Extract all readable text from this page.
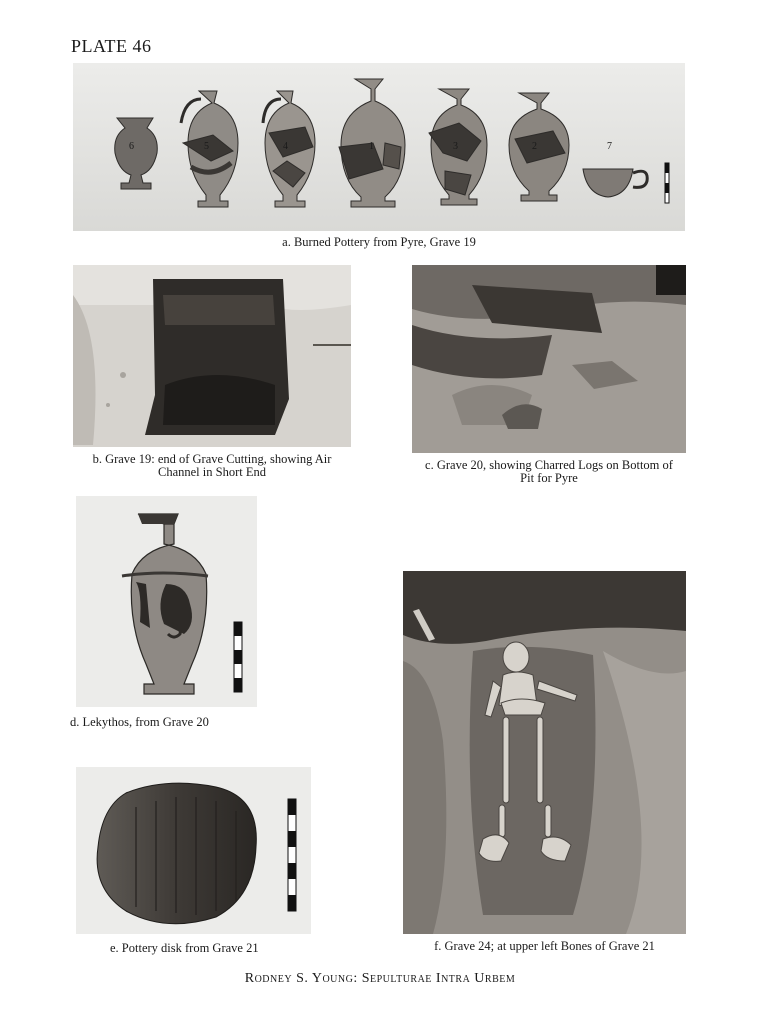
PLATE 46
6	5	4	1	3	2	7
a. Burned Pottery from Pyre, Grave 19
b. Grave 19: end of Grave Cutting, showing Air
Channel in Short End	c. Grave 20, showing Charred Logs on Bottom of
Pit for Pyre
d. Lekythos, from Grave 20
e. Pottery disk from Grave 21	f. Grave 24; at upper left Bones of Grave 21
Rodney S. Young: Sepulturae Intra Urbem
